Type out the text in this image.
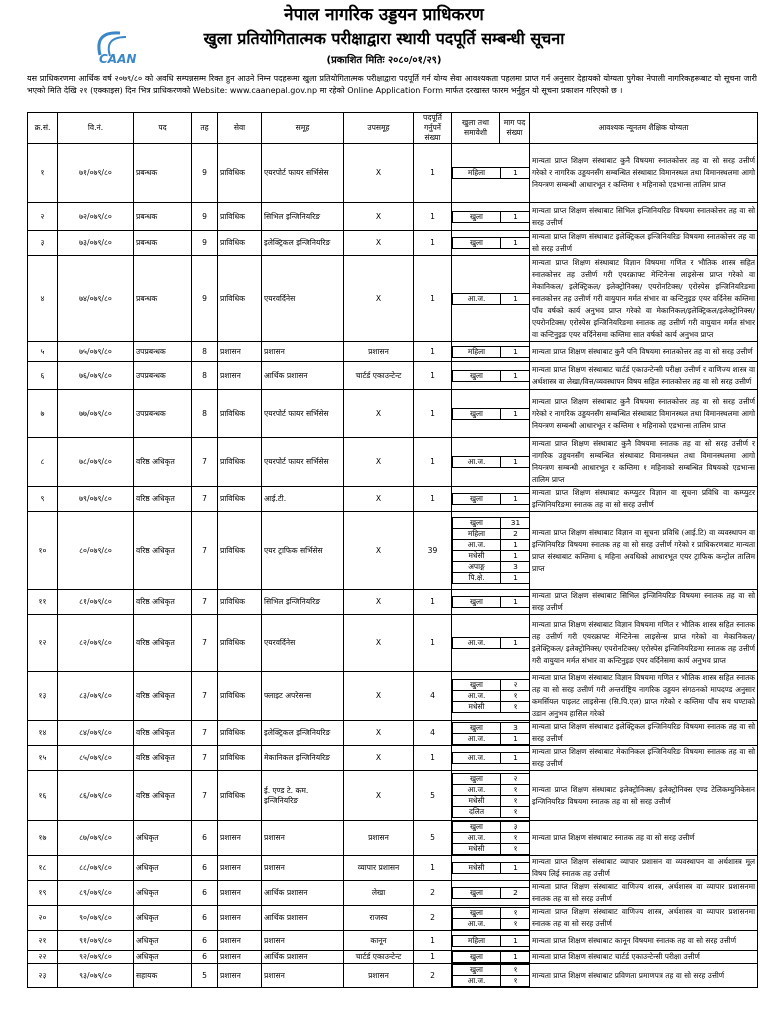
CAAN
नेपाल नागरिक उड्डयन प्राधिकरण
खुला प्रतियोगितात्मक परीक्षाद्वारा स्थायी पदपूर्ति सम्बन्धी सूचना
(प्रकाशित मितिः २०८०/०१/२९)
यस प्राधिकरणमा आर्थिक वर्ष २०७९/८० को अवधि सम्पन्नसम्म रिक्त हुन आउने निम्न पदहरूमा खुला प्रतियोगितात्मक परीक्षाद्वारा पदपूर्ति गर्न योग्य सेवा आवश्यकता पहलमा प्राप्त गर्न अनुसार देहायको योग्यता पुगेका नेपाली नागरिकहरूबाट यो सूचना जारी भएको मिति देखि २१ (एक्काइस) दिन भित्र प्राधिकरणको Website: www.caanepal.gov.np मा रहेको Online Application Form मार्फत दरखास्त फारम भर्नुहुन यो सूचना प्रकाशन गरिएको छ ।
क्र.सं.	वि.नं.	पद	तह	सेवा	समूह	उपसमूह	पदपूर्ति गर्नुपर्ने संख्या	खुला तथा समावेशी	माग पद संख्या	आवश्यक न्यूनतम शैक्षिक योग्यता
१	७१/०७९/८०	प्रबन्धक	9	प्राविधिक	एयरपोर्ट फायर सर्भिसेस	X	1		महिला	1
	मान्यता प्राप्त शिक्षण संस्थाबाट कुनै विषयमा स्नातकोत्तर तह वा सो सरह उत्तीर्ण गरेको र नागरिक उड्डयनसँग सम्बन्धित संस्थाबाट विमानस्थल तथा विमानस्थलमा आगो नियन्त्रण सम्बन्धी आधारभूत र कम्तिमा १ महिनाको एडभान्स तालिम प्राप्त
२	७२/०७९/८०	प्रबन्धक	9	प्राविधिक	सिभिल इन्जिनियरिङ	X	1		खुला	1
	मान्यता प्राप्त शिक्षण संस्थाबाट सिभिल इन्जिनियरिङ विषयमा स्नातकोत्तर तह वा सो सरह उत्तीर्ण
३	७३/०७९/८०	प्रबन्धक	9	प्राविधिक	इलेक्ट्रिकल इन्जिनियरिङ	X	1		खुला	1
	मान्यता प्राप्त शिक्षण संस्थाबाट इलेक्ट्रिकल इन्जिनियरिङ विषयमा स्नातकोत्तर तह वा सो सरह उत्तीर्ण
४	७४/०७९/८०	प्रबन्धक	9	प्राविधिक	एयरवर्दिनेस	X	1		आ.ज.	1
	मान्यता प्राप्त शिक्षण संस्थाबाट विज्ञान विषयमा गणित र भौतिक शास्त्र सहित स्नातकोत्तर तह उत्तीर्ण गरी एयरक्राफ्ट मेन्टिनेन्स लाइसेन्स प्राप्त गरेको वा मेकानिकल/ इलेक्ट्रिकल/ इलेक्ट्रोनिक्स/ एयरोनटिक्स/ एरोस्पेस इन्जिनियरिङमा स्नातकोत्तर तह उत्तीर्ण गरी वायुयान मर्मत संभार वा कन्टिनुइङ एयर वर्दिनेस कम्तिमा पाँच वर्षको कार्य अनुभव प्राप्त गरेको वा मेकानिकल/इलेक्ट्रिकल/इलेक्ट्रोनिक्स/ एयरोनटिक्स/ एरोस्पेस इन्जिनियरिङमा स्नातक तह उत्तीर्ण गरी वायुयान मर्मत संभार वा कन्टिनुइङ एयर वर्दिनेसमा कम्तिमा सात वर्षको कार्य अनुभव प्राप्त
५	७५/०७९/८०	उपप्रबन्धक	8	प्रशासन	प्रशासन	प्रशासन	1		महिला	1
	मान्यता प्राप्त शिक्षण संस्थाबाट कुनै पनि विषयमा स्नातकोत्तर तह वा सो सरह उत्तीर्ण
६	७६/०७९/८०	उपप्रबन्धक	8	प्रशासन	आर्थिक प्रशासन	चार्टर्ड एकाउन्टेन्ट	1		खुला	1
	मान्यता प्राप्त शिक्षण संस्थाबाट चार्टर्ड एकाउन्टेन्सी परीक्षा उत्तीर्ण र वाणिज्य शास्त्र वा अर्थशास्त्र वा लेखा/वित्त/व्यवस्थापन विषय सहित स्नातकोत्तर तह वा सो सरह उत्तीर्ण
७	७७/०७९/८०	उपप्रबन्धक	8	प्राविधिक	एयरपोर्ट फायर सर्भिसेस	X	1		खुला	1
	मान्यता प्राप्त शिक्षण संस्थाबाट कुनै विषयमा स्नातकोत्तर तह वा सो सरह उत्तीर्ण गरेको र नागरिक उड्डयनसँग सम्बन्धित संस्थाबाट विमानस्थल तथा विमानस्थलमा आगो नियन्त्रण सम्बन्धी आधारभूत र कम्तिमा १ महिनाको एडभान्स तालिम प्राप्त
८	७८/०७९/८०	वरिष्ठ अधिकृत	7	प्राविधिक	एयरपोर्ट फायर सर्भिसेस	X	1		आ.ज.	1
	मान्यता प्राप्त शिक्षण संस्थाबाट कुनै विषयमा स्नातक तह वा सो सरह उत्तीर्ण र नागरिक उड्डयनसँग सम्बन्धित संस्थाबाट विमानस्थल तथा विमानस्थलमा आगो नियन्त्रण सम्बन्धी आधारभूत र कम्तिमा १ महिनाको सम्बन्धित विषयको एडभान्स तालिम प्राप्त
९	७९/०७९/८०	वरिष्ठ अधिकृत	7	प्राविधिक	आई.टी.	X	1		खुला	1
	मान्यता प्राप्त शिक्षण संस्थाबाट कम्प्युटर विज्ञान वा सूचना प्रविधि वा कम्प्युटर इन्जिनियरिङमा स्नातक तह वा सो सरह उत्तीर्ण
१०	८०/०७९/८०	वरिष्ठ अधिकृत	7	प्राविधिक	एयर ट्राफिक सर्भिसेस	X	39	
खुला	31
महिला	2
आ.ज.	1
मधेसी	1
अपाङ्ग	3
पि.क्षे.	1
	मान्यता प्राप्त शिक्षण संस्थाबाट विज्ञान वा सूचना प्रविधि (आई.टि) वा व्यवस्थापन वा इन्जिनियरिङ विषयमा स्नातक तह वा सो सरह उत्तीर्ण गरेको र प्राधिकरणबाट मान्यता प्राप्त संस्थाबाट कम्तिमा ६ महिना अवधिको आधारभूत एयर ट्राफिक कन्ट्रोल तालिम प्राप्त
११	८१/०७९/८०	वरिष्ठ अधिकृत	7	प्राविधिक	सिभिल इन्जिनियरिङ	X	1		खुला	1
	मान्यता प्राप्त शिक्षण संस्थाबाट सिभिल इन्जिनियरिङ विषयमा स्नातक तह वा सो सरह उत्तीर्ण
१२	८२/०७९/८०	वरिष्ठ अधिकृत	7	प्राविधिक	एयरवर्दिनेस	X	1		आ.ज.	1
	मान्यता प्राप्त शिक्षण संस्थाबाट विज्ञान विषयमा गणित र भौतिक शास्त्र सहित स्नातक तह उत्तीर्ण गरी एयरक्राफ्ट मेन्टिनेन्स लाइसेन्स प्राप्त गरेको वा मेकानिकल/इलेक्ट्रिकल/ इलेक्ट्रोनिक्स/ एयरोनटिक्स/ एरोस्पेस इन्जिनियरिङमा स्नातक तह उत्तीर्ण गरी वायुयान मर्मत संभार वा कन्टिनुइङ एयर वर्दिनेसमा कार्य अनुभव प्राप्त
१३	८३/०७९/८०	वरिष्ठ अधिकृत	7	प्राविधिक	फ्लाइट अपरेसन्स	X	4	
खुला	२
आ.ज.	१
मधेसी	१
	मान्यता प्राप्त शिक्षण संस्थाबाट विज्ञान विषयमा गणित र भौतिक शास्त्र सहित स्नातक तह वा सो सरह उत्तीर्ण गरी अन्तर्राष्ट्रिय नागरिक उड्डयन संगठनको मापदण्ड अनुसार कमर्सियल पाइलट लाइसेन्स (सि.पि.एल) प्राप्त गरेको र कम्तिमा पाँच सय घण्टाको उडान अनुभव हासिल गरेको
१४	८४/०७९/८०	वरिष्ठ अधिकृत	7	प्राविधिक	इलेक्ट्रिकल इन्जिनियरिङ	X	4	
खुला	3
आ.ज.	1
	मान्यता प्राप्त शिक्षण संस्थाबाट इलेक्ट्रिकल इन्जिनियरिङ विषयमा स्नातक तह वा सो सरह उत्तीर्ण
१५	८५/०७९/८०	वरिष्ठ अधिकृत	7	प्राविधिक	मेकानिकल इन्जिनियरिङ	X	1		आ.ज.	1
	मान्यता प्राप्त शिक्षण संस्थाबाट मेकानिकल इन्जिनियरिङ विषयमा स्नातक तह वा सो सरह उत्तीर्ण
१६	८६/०७९/८०	वरिष्ठ अधिकृत	7	प्राविधिक	ई. एण्ड टे. कम. इन्जिनियरिङ	X	5	
खुला	२
आ.ज.	१
मधेसी	१
दलित	१
	मान्यता प्राप्त शिक्षण संस्थाबाट इलेक्ट्रोनिक्स/ इलेक्ट्रोनिक्स एण्ड टेलिकम्युनिकेसन इन्जिनियरिङ विषयमा स्नातक तह वा सो सरह उत्तीर्ण
१७	८७/०७९/८०	अधिकृत	6	प्रशासन	प्रशासन	प्रशासन	5	
खुला	३
आ.ज.	१
मधेसी	१
	मान्यता प्राप्त शिक्षण संस्थाबाट स्नातक तह वा सो सरह उत्तीर्ण
१८	८८/०७९/८०	अधिकृत	6	प्रशासन	प्रशासन	व्यापार प्रशासन	1		मधेसी	1
	मान्यता प्राप्त शिक्षण संस्थाबाट व्यापार प्रशासन वा व्यवस्थापन वा अर्थशास्त्र मूल विषय लिई स्नातक तह उत्तीर्ण
१९	८९/०७९/८०	अधिकृत	6	प्रशासन	आर्थिक प्रशासन	लेखा	2		खुला	2
	मान्यता प्राप्त शिक्षण संस्थाबाट वाणिज्य शास्त्र, अर्थशास्त्र वा व्यापार प्रशासनमा स्नातक तह वा सो सरह उत्तीर्ण
२०	९०/०७९/८०	अधिकृत	6	प्रशासन	आर्थिक प्रशासन	राजस्व	2	
खुला	१
आ.ज.	१
	मान्यता प्राप्त शिक्षण संस्थाबाट वाणिज्य शास्त्र, अर्थशास्त्र वा व्यापार प्रशासनमा स्नातक तह वा सो सरह उत्तीर्ण
२१	९१/०७९/८०	अधिकृत	6	प्रशासन	प्रशासन	कानून	1		महिला	1
	मान्यता प्राप्त शिक्षण संस्थाबाट कानून विषयमा स्नातक तह वा सो सरह उत्तीर्ण
२२	९२/०७९/८०	अधिकृत	6	प्रशासन	आर्थिक प्रशासन	चार्टर्ड एकाउन्टेन्ट	1		खुला	1
	मान्यता प्राप्त शिक्षण संस्थाबाट चार्टर्ड एकाउन्टेन्सी परीक्षा उत्तीर्ण
२३	९३/०७९/८०	सहायक	5	प्रशासन	प्रशासन	प्रशासन	2	
खुला	१
आ.ज.	१
	मान्यता प्राप्त शिक्षण संस्थाबाट प्रविणता प्रमाणपत्र तह वा सो सरह उत्तीर्ण
